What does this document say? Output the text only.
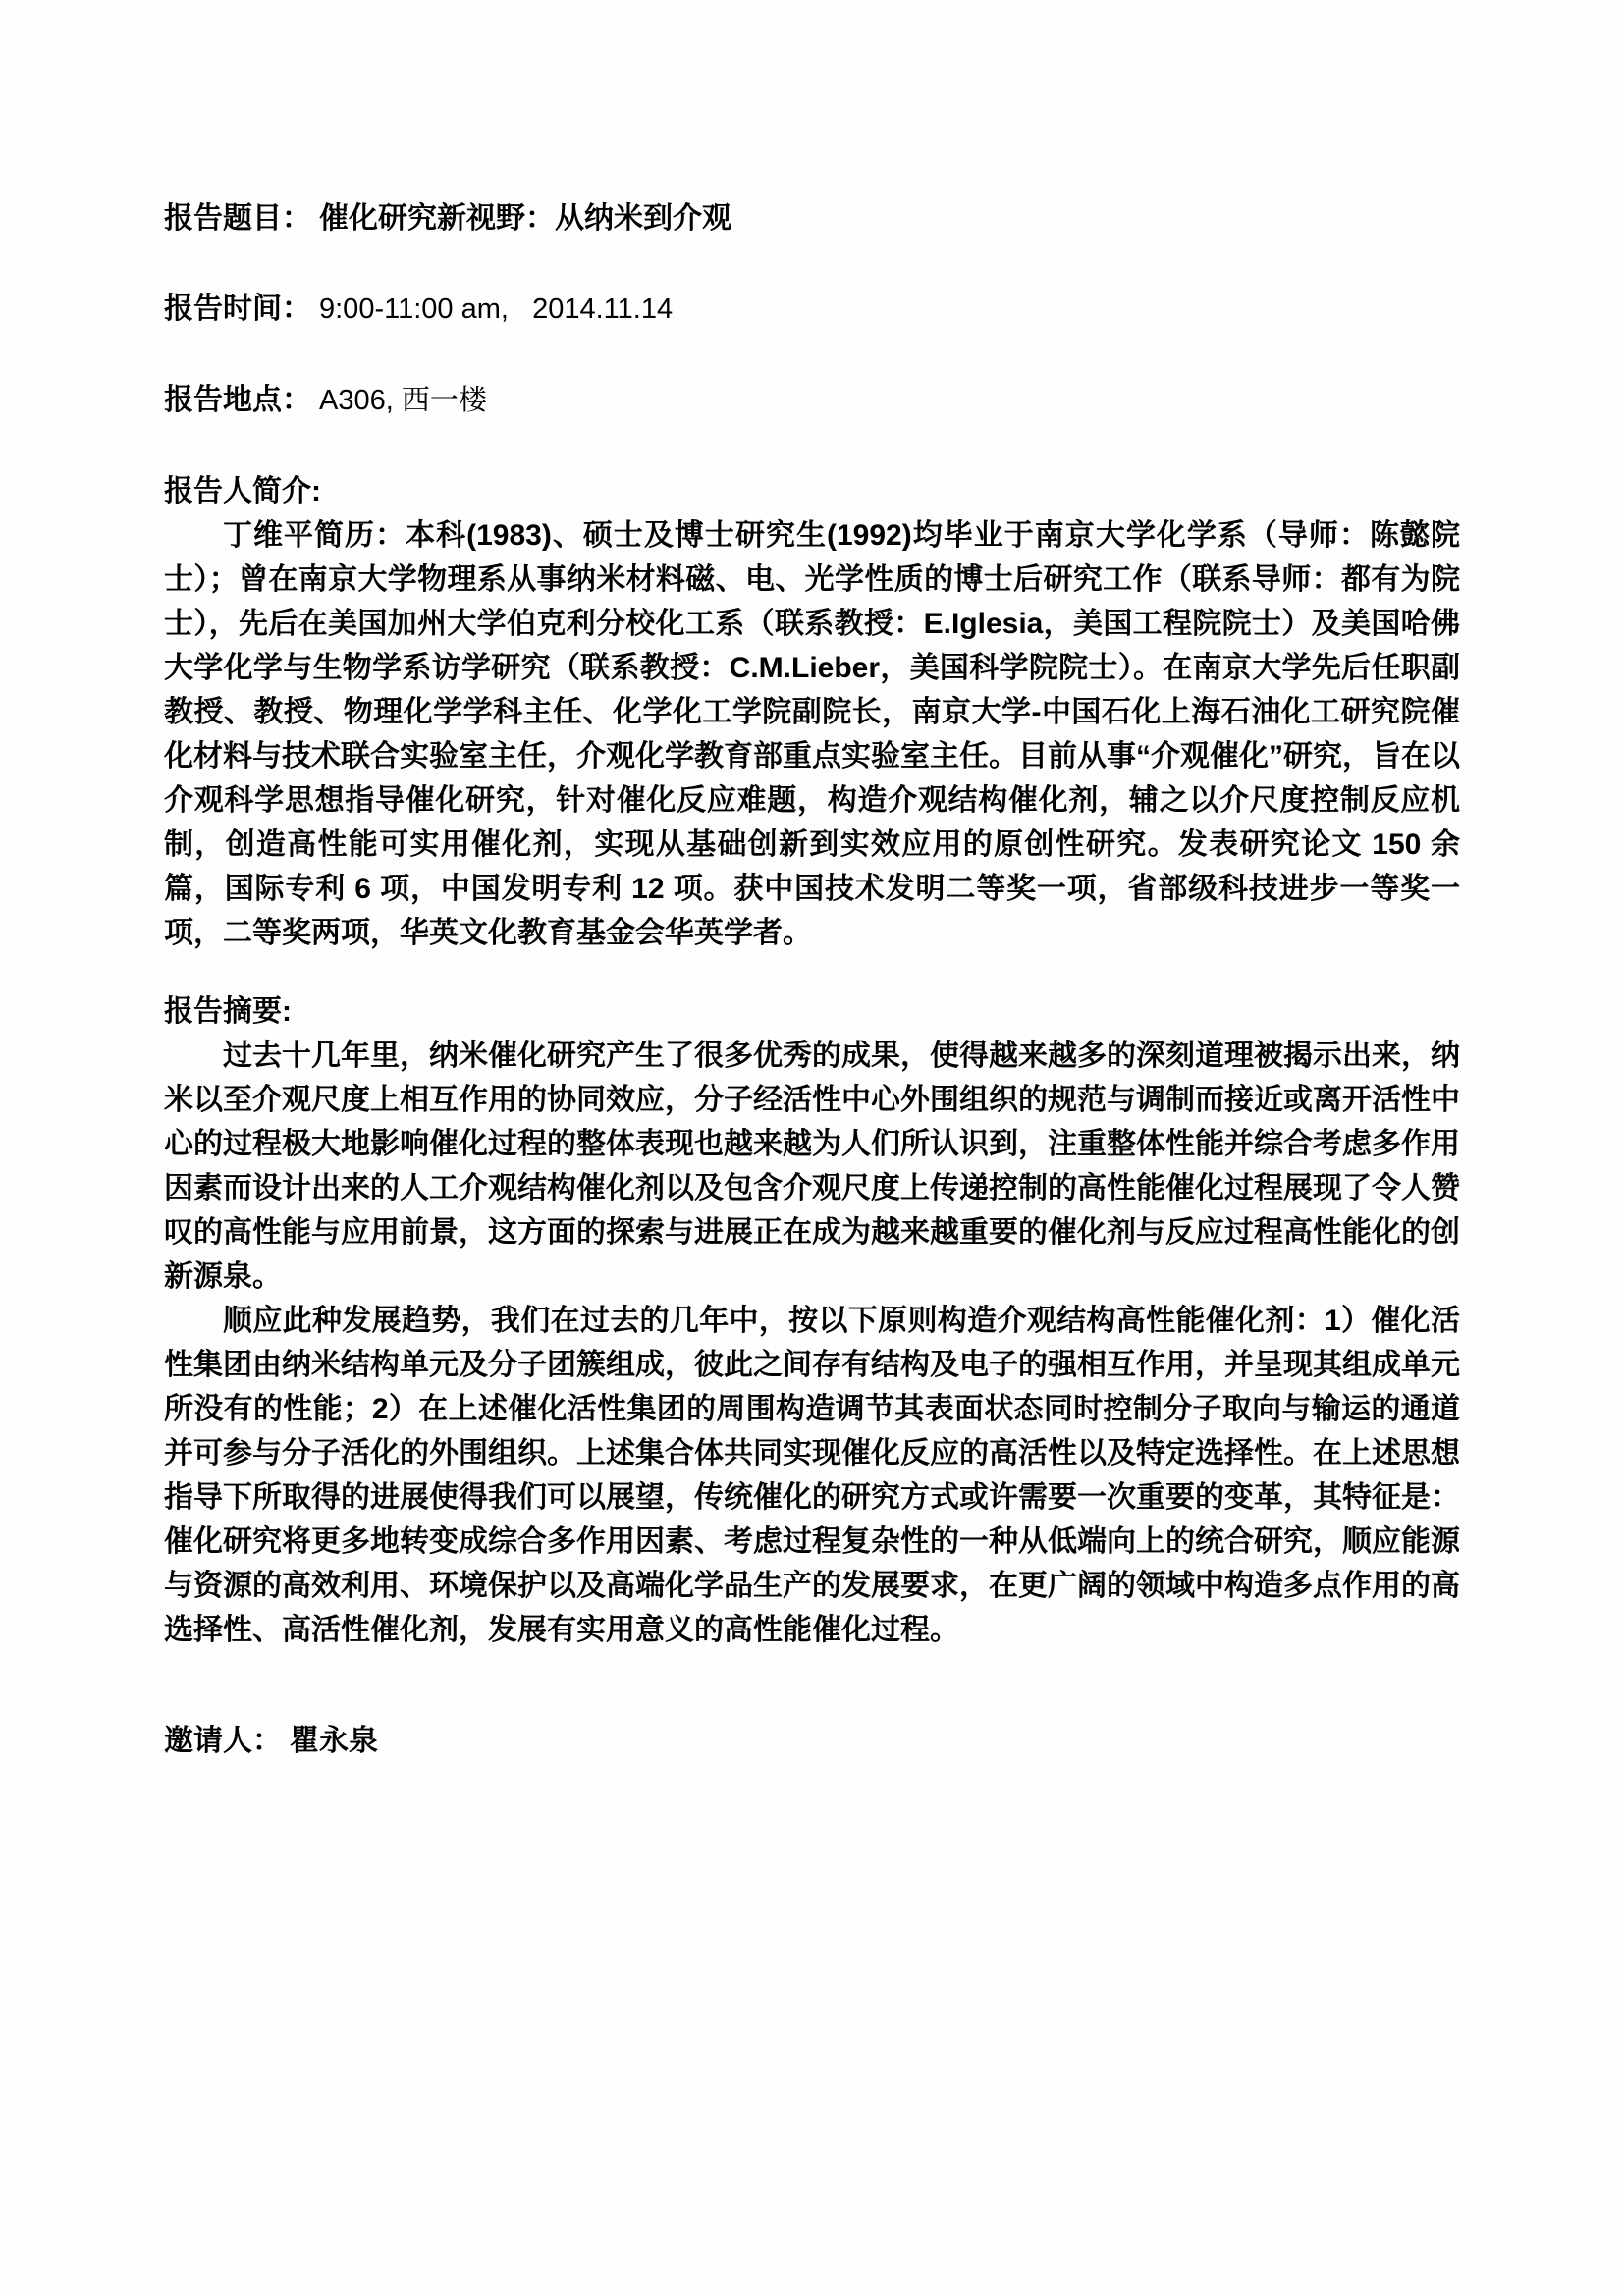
报告题目： 催化研究新视野：从纳米到介观
报告时间： 9:00-11:00 am,   2014.11.14
报告地点： A306, 西一楼
报告人简介:

丁维平简历：本科(1983)、硕士及博士研究生(1992)均毕业于南京大学化学系（导师：陈懿院士）；曾在南京大学物理系从事纳米材料磁、电、光学性质的博士后研究工作（联系导师：都有为院士），先后在美国加州大学伯克利分校化工系（联系教授：E.Iglesia，美国工程院院士）及美国哈佛大学化学与生物学系访学研究（联系教授：C.M.Lieber，美国科学院院士）。在南京大学先后任职副教授、教授、物理化学学科主任、化学化工学院副院长，南京大学-中国石化上海石油化工研究院催化材料与技术联合实验室主任，介观化学教育部重点实验室主任。目前从事“介观催化”研究，旨在以介观科学思想指导催化研究，针对催化反应难题，构造介观结构催化剂，辅之以介尺度控制反应机制，创造高性能可实用催化剂，实现从基础创新到实效应用的原创性研究。发表研究论文 150 余篇，国际专利 6 项，中国发明专利 12 项。获中国技术发明二等奖一项，省部级科技进步一等奖一项，二等奖两项，华英文化教育基金会华英学者。

报告摘要:

过去十几年里，纳米催化研究产生了很多优秀的成果，使得越来越多的深刻道理被揭示出来，纳米以至介观尺度上相互作用的协同效应，分子经活性中心外围组织的规范与调制而接近或离开活性中心的过程极大地影响催化过程的整体表现也越来越为人们所认识到，注重整体性能并综合考虑多作用因素而设计出来的人工介观结构催化剂以及包含介观尺度上传递控制的高性能催化过程展现了令人赞叹的高性能与应用前景，这方面的探索与进展正在成为越来越重要的催化剂与反应过程高性能化的创新源泉。

顺应此种发展趋势，我们在过去的几年中，按以下原则构造介观结构高性能催化剂：1）催化活性集团由纳米结构单元及分子团簇组成，彼此之间存有结构及电子的强相互作用，并呈现其组成单元所没有的性能；2）在上述催化活性集团的周围构造调节其表面状态同时控制分子取向与输运的通道并可参与分子活化的外围组织。上述集合体共同实现催化反应的高活性以及特定选择性。在上述思想指导下所取得的进展使得我们可以展望，传统催化的研究方式或许需要一次重要的变革，其特征是：催化研究将更多地转变成综合多作用因素、考虑过程复杂性的一种从低端向上的统合研究，顺应能源与资源的高效利用、环境保护以及高端化学品生产的发展要求，在更广阔的领域中构造多点作用的高选择性、高活性催化剂，发展有实用意义的高性能催化过程。

邀请人： 瞿永泉
